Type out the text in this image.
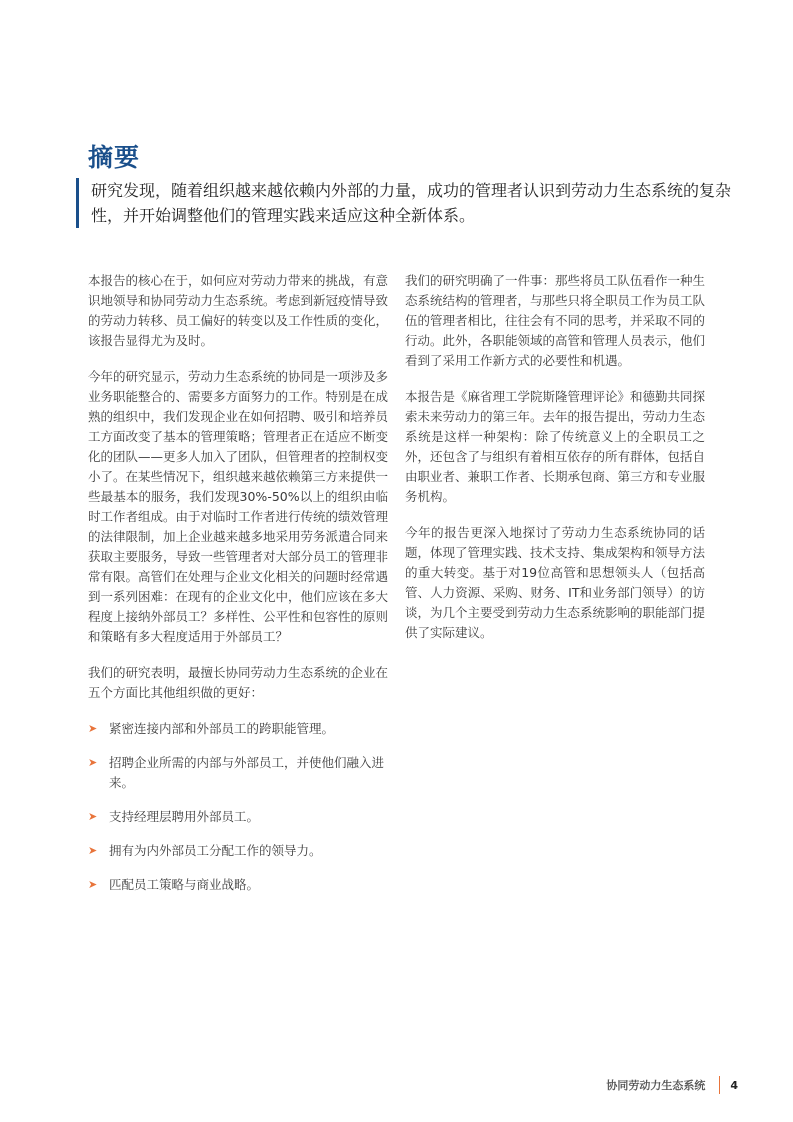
摘要

研究发现，随着组织越来越依赖内外部的力量，成功的管理者认识到劳动力生态系统的复杂性，并开始调整他们的管理实践来适应这种全新体系。

本报告的核心在于，如何应对劳动力带来的挑战，有意识地领导和协同劳动力生态系统。考虑到新冠疫情导致的劳动力转移、员工偏好的转变以及工作性质的变化，该报告显得尤为及时。

今年的研究显示，劳动力生态系统的协同是一项涉及多业务职能整合的、需要多方面努力的工作。特别是在成熟的组织中，我们发现企业在如何招聘、吸引和培养员工方面改变了基本的管理策略；管理者正在适应不断变化的团队——更多人加入了团队，但管理者的控制权变小了。在某些情况下，组织越来越依赖第三方来提供一些最基本的服务，我们发现30%-50%以上的组织由临时工作者组成。由于对临时工作者进行传统的绩效管理的法律限制，加上企业越来越多地采用劳务派遣合同来获取主要服务，导致一些管理者对大部分员工的管理非常有限。高管们在处理与企业文化相关的问题时经常遇到一系列困难：在现有的企业文化中，他们应该在多大程度上接纳外部员工？多样性、公平性和包容性的原则和策略有多大程度适用于外部员工？

我们的研究表明，最擅长协同劳动力生态系统的企业在五个方面比其他组织做的更好：

➤ 紧密连接内部和外部员工的跨职能管理。
➤ 招聘企业所需的内部与外部员工，并使他们融入进来。
➤ 支持经理层聘用外部员工。
➤ 拥有为内外部员工分配工作的领导力。
➤ 匹配员工策略与商业战略。

我们的研究明确了一件事：那些将员工队伍看作一种生态系统结构的管理者，与那些只将全职员工作为员工队伍的管理者相比，往往会有不同的思考，并采取不同的行动。此外，各职能领域的高管和管理人员表示，他们看到了采用工作新方式的必要性和机遇。

本报告是《麻省理工学院斯隆管理评论》和德勤共同探索未来劳动力的第三年。去年的报告提出，劳动力生态系统是这样一种架构：除了传统意义上的全职员工之外，还包含了与组织有着相互依存的所有群体，包括自由职业者、兼职工作者、长期承包商、第三方和专业服务机构。

今年的报告更深入地探讨了劳动力生态系统协同的话题，体现了管理实践、技术支持、集成架构和领导方法的重大转变。基于对19位高管和思想领头人（包括高管、人力资源、采购、财务、IT和业务部门领导）的访谈，为几个主要受到劳动力生态系统影响的职能部门提供了实际建议。

协同劳动力生态系统 4
